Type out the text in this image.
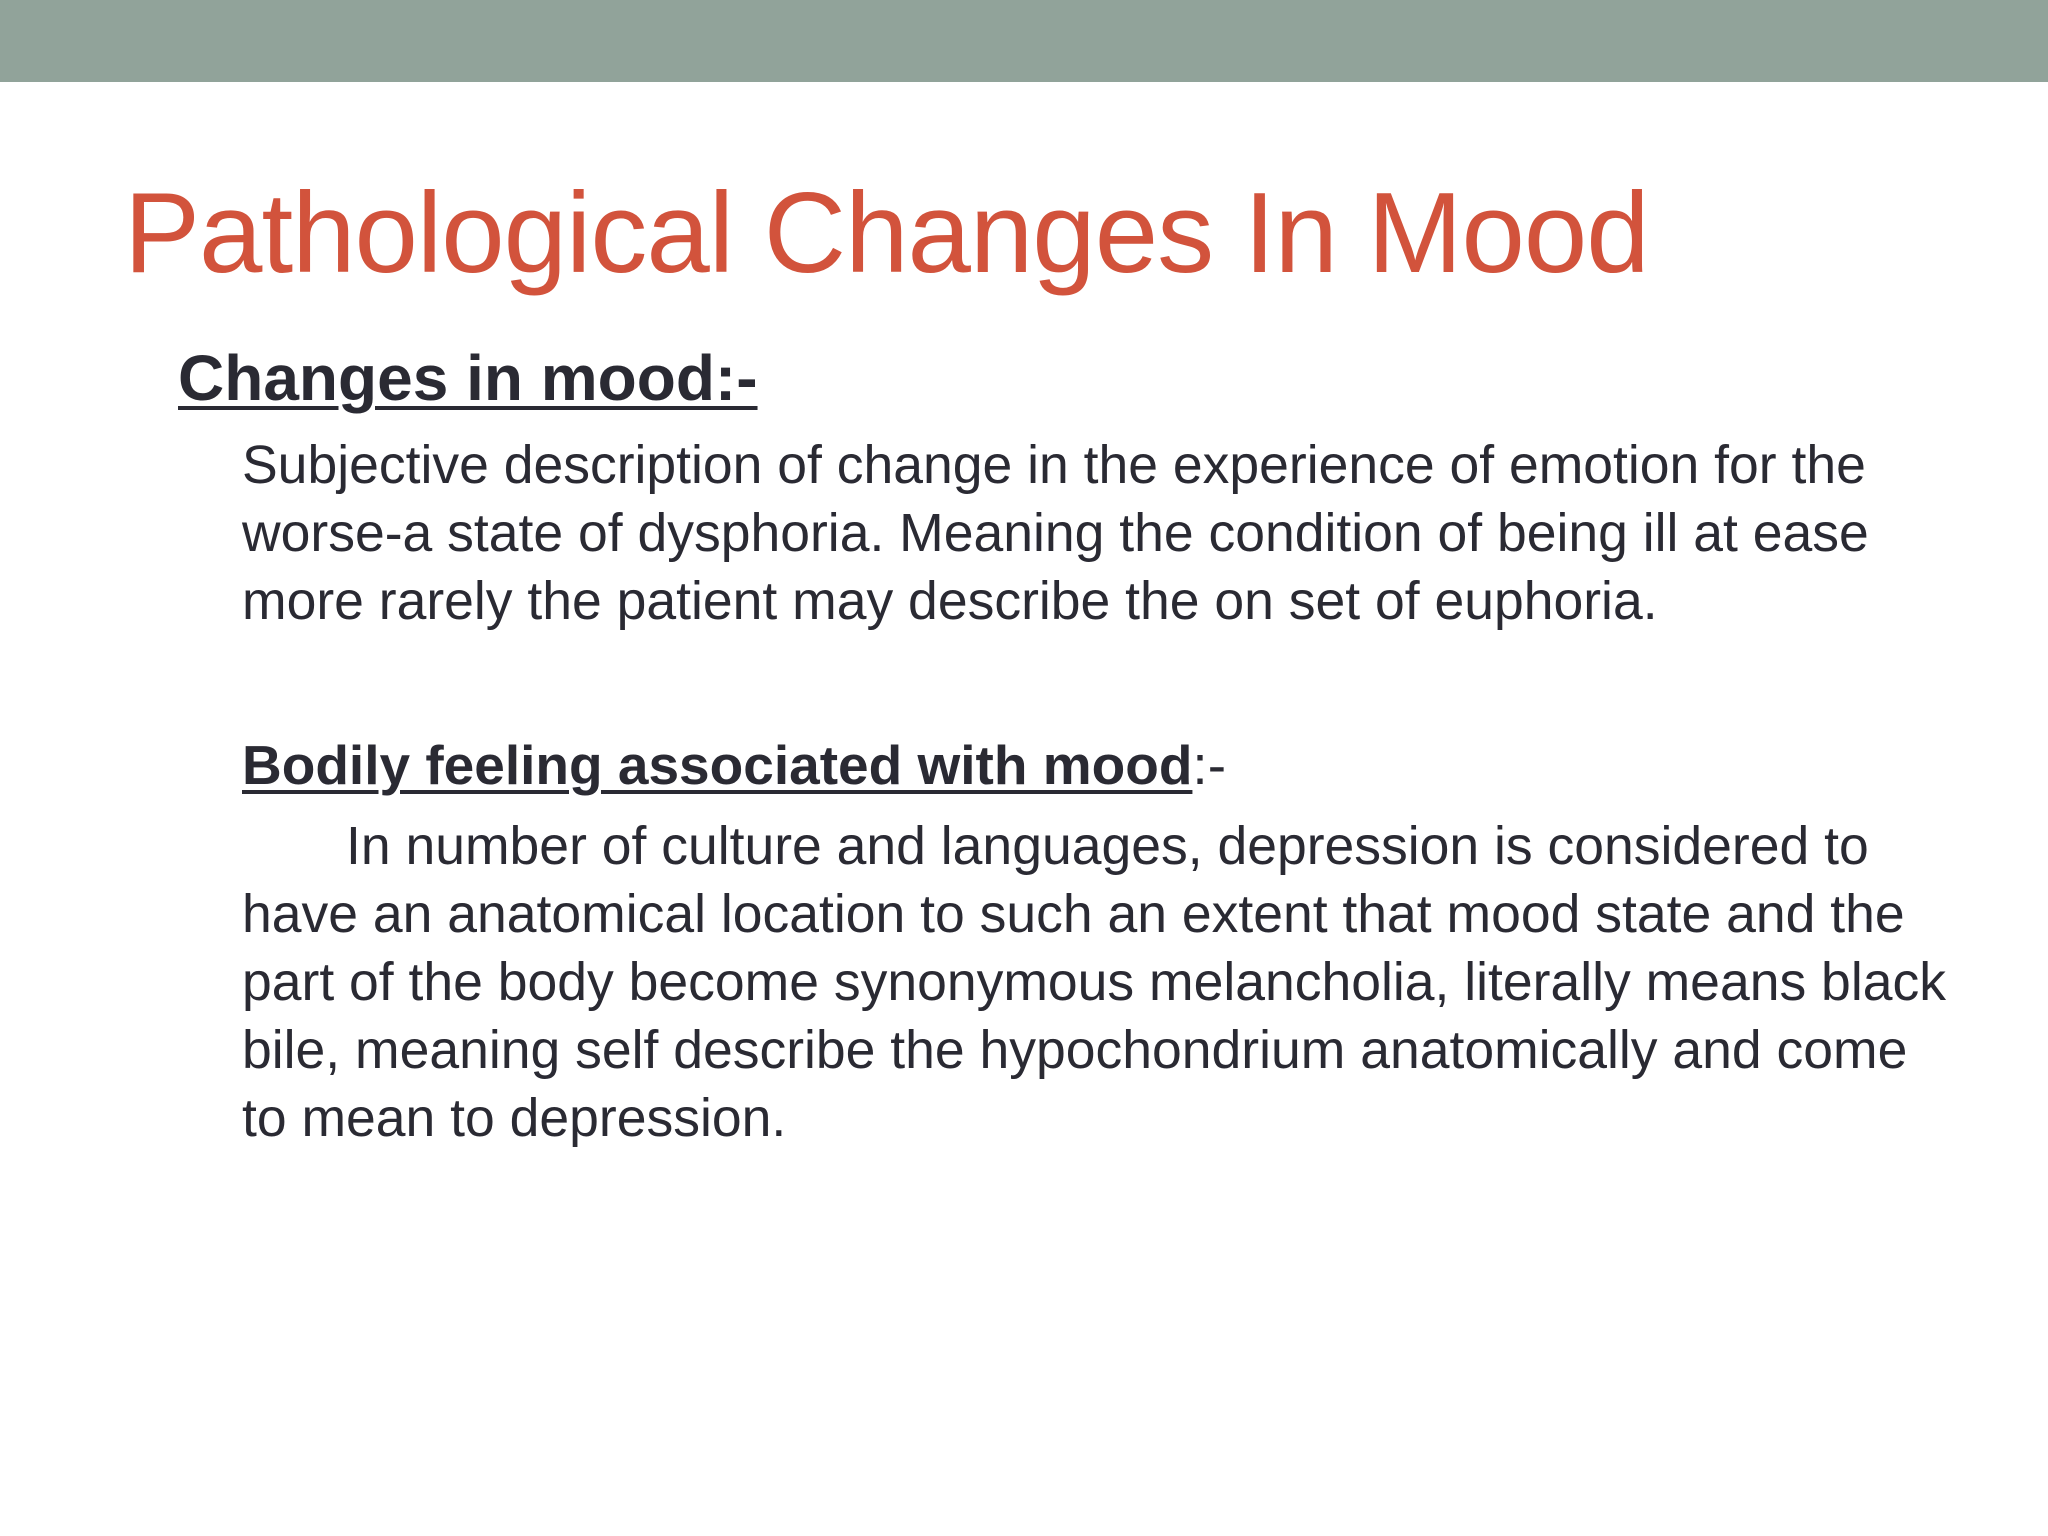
Pathological Changes In Mood
Changes in mood:-

Subjective description of change in the experience of emotion for the worse-a state of dysphoria. Meaning the condition of being ill at ease more rarely the patient may describe the on set of euphoria.

Bodily feeling associated with mood:-

In number of culture and languages, depression is considered to have an anatomical location to such an extent that mood state and the part of the body become synonymous melancholia, literally means black bile, meaning self describe the hypochondrium anatomically and come to mean to depression.
